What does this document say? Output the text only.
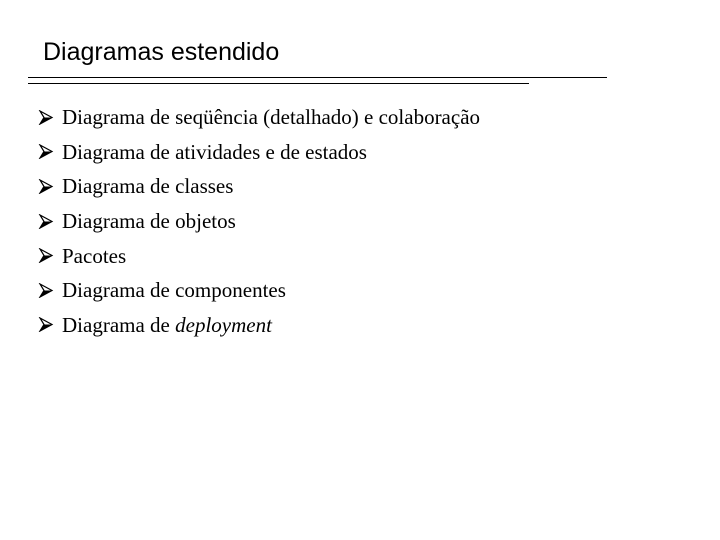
Diagramas estendido
Diagrama de seqüência (detalhado) e colaboração
Diagrama de atividades e de estados
Diagrama de classes
Diagrama de objetos
Pacotes
Diagrama de componentes
Diagrama de deployment
